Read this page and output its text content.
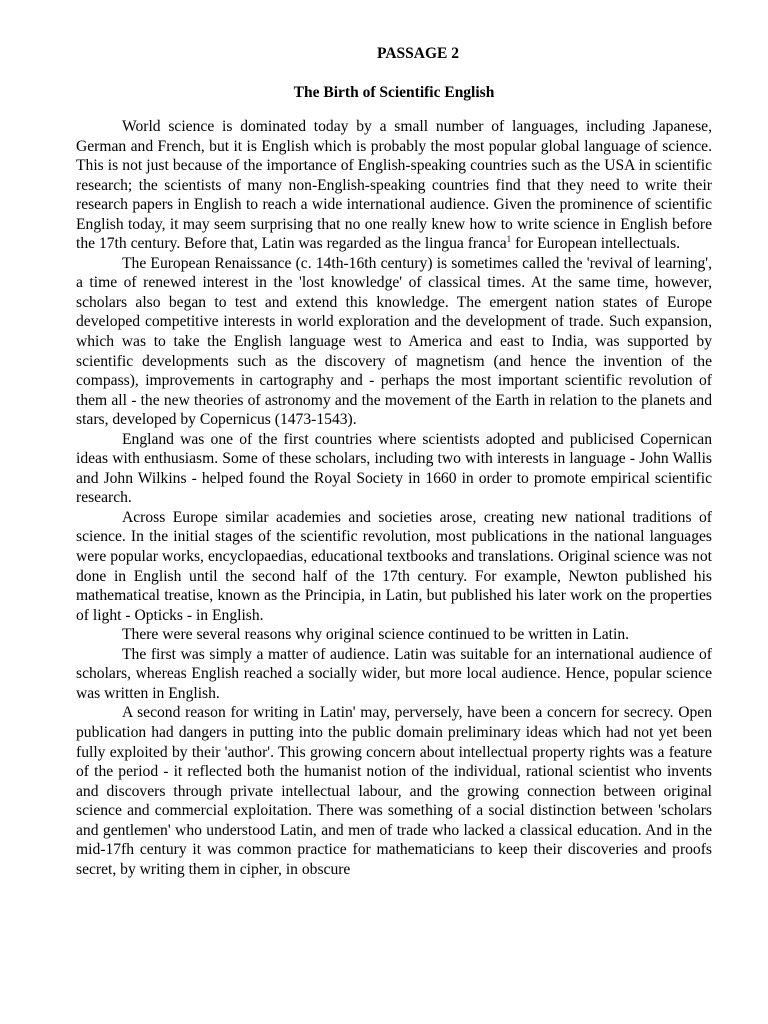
PASSAGE 2

The Birth of Scientific English

World science is dominated today by a small number of languages, including Japanese, German and French, but it is English which is probably the most popular global language of science. This is not just because of the importance of English-speaking countries such as the USA in scientific research; the scientists of many non-English-speaking countries find that they need to write their research papers in English to reach a wide international audience. Given the prominence of scientific English today, it may seem surprising that no one really knew how to write science in English before the 17th century. Before that, Latin was regarded as the lingua franca$^1$ for European intellectuals.

The European Renaissance (c. 14th-16th century) is sometimes called the 'revival of learning', a time of renewed interest in the 'lost knowledge' of classical times. At the same time, however, scholars also began to test and extend this knowledge. The emergent nation states of Europe developed competitive interests in world exploration and the development of trade. Such expansion, which was to take the English language west to America and east to India, was supported by scientific developments such as the discovery of magnetism (and hence the invention of the compass), improvements in cartography and - perhaps the most important scientific revolution of them all - the new theories of astronomy and the movement of the Earth in relation to the planets and stars, developed by Copernicus (1473-1543).

England was one of the first countries where scientists adopted and publicised Copernican ideas with enthusiasm. Some of these scholars, including two with interests in language - John Wallis and John Wilkins - helped found the Royal Society in 1660 in order to promote empirical scientific research.

Across Europe similar academies and societies arose, creating new national traditions of science. In the initial stages of the scientific revolution, most publications in the national languages were popular works, encyclopaedias, educational textbooks and translations. Original science was not done in English until the second half of the 17th century. For example, Newton published his mathematical treatise, known as the Principia, in Latin, but published his later work on the properties of light - Opticks - in English.

There were several reasons why original science continued to be written in Latin.

The first was simply a matter of audience. Latin was suitable for an international audience of scholars, whereas English reached a socially wider, but more local audience. Hence, popular science was written in English.

A second reason for writing in Latin' may, perversely, have been a concern for secrecy. Open publication had dangers in putting into the public domain preliminary ideas which had not yet been fully exploited by their 'author'. This growing concern about intellectual property rights was a feature of the period - it reflected both the humanist notion of the individual, rational scientist who invents and discovers through private intellectual labour, and the growing connection between original science and commercial exploitation. There was something of a social distinction between 'scholars and gentlemen' who understood Latin, and men of trade who lacked a classical education. And in the mid-17fh century it was common practice for mathematicians to keep their discoveries and proofs secret, by writing them in cipher, in obscure
